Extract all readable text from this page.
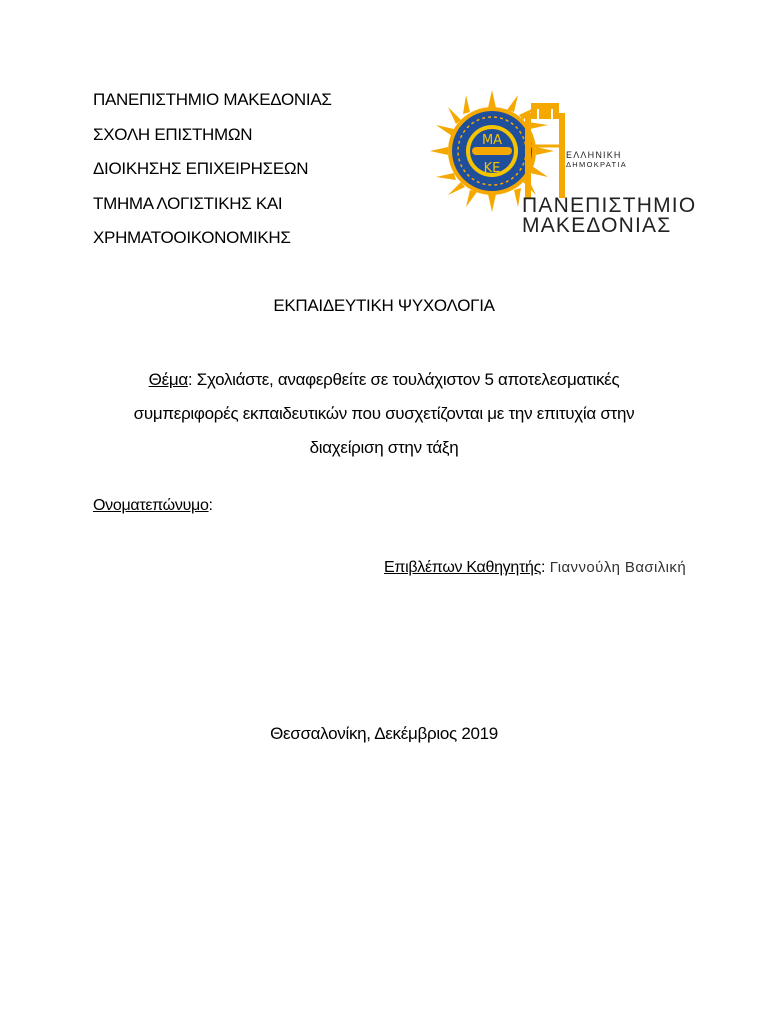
ΠΑΝΕΠΙΣΤΗΜΙΟ ΜΑΚΕΔΟΝΙΑΣ
ΣΧΟΛΗ ΕΠΙΣΤΗΜΩΝ
ΔΙΟΙΚΗΣΗΣ ΕΠΙΧΕΙΡΗΣΕΩΝ
ΤΜΗΜΑ ΛΟΓΙΣΤΙΚΗΣ ΚΑΙ
ΧΡΗΜΑΤΟΟΙΚΟΝΟΜΙΚΗΣ
ΜΑ
ΚΕ
ΕΛΛΗΝΙΚΗ
ΔΗΜΟΚΡΑΤΙΑ
ΠΑΝΕΠΙΣΤΗΜΙΟ
ΜΑΚΕΔΟΝΙΑΣ
ΕΚΠΑΙΔΕΥΤΙΚΗ ΨΥΧΟΛΟΓΙΑ
Θέμα: Σχολιάστε, αναφερθείτε σε τουλάχιστον 5 αποτελεσματικές
συμπεριφορές εκπαιδευτικών που συσχετίζονται με την επιτυχία στην
διαχείριση στην τάξη
Ονοματεπώνυμο:
Επιβλέπων Καθηγητής: Γιαννούλη Βασιλική
Θεσσαλονίκη, Δεκέμβριος 2019
